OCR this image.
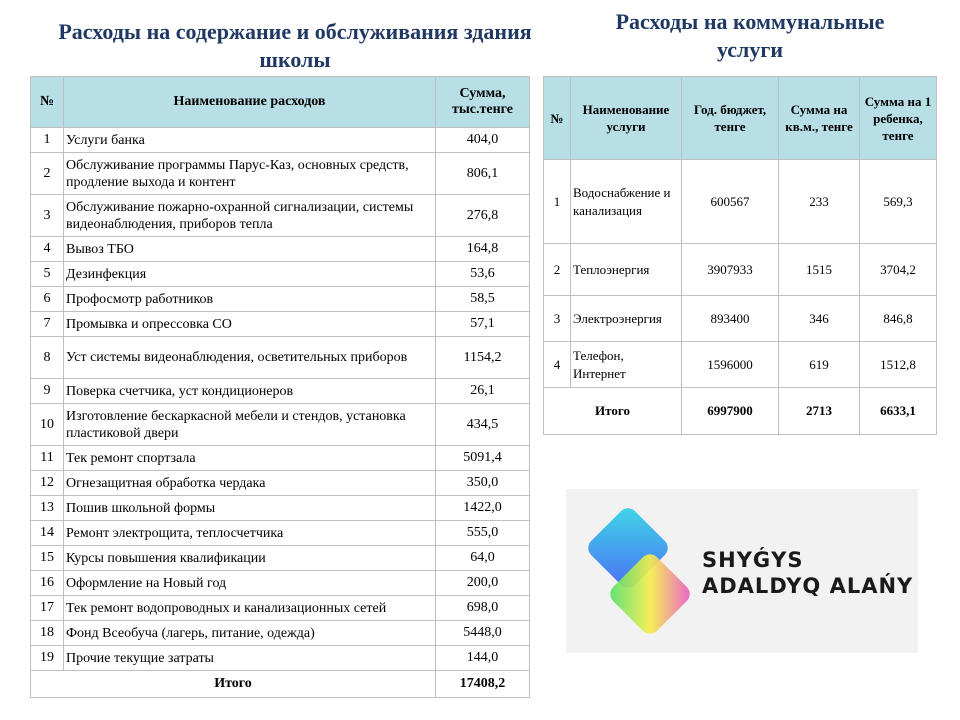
Расходы на содержание и обслуживания здания школы
Расходы на коммунальные услуги
№	Наименование расходов	Сумма, тыс.тенге
1	Услуги банка	404,0
2	Обслуживание программы Парус-Каз, основных средств, продление выхода и контент	806,1
3	Обслуживание пожарно-охранной сигнализации, системы видеонаблюдения, приборов тепла	276,8
4	Вывоз ТБО	164,8
5	Дезинфекция	53,6
6	Профосмотр работников	58,5
7	Промывка и опрессовка СО	57,1
8	Уст системы видеонаблюдения, осветительных приборов	1154,2
9	Поверка счетчика, уст кондиционеров	26,1
10	Изготовление бескаркасной мебели и стендов, установка пластиковой двери	434,5
11	Тек ремонт спортзала	5091,4
12	Огнезащитная обработка чердака	350,0
13	Пошив школьной формы	1422,0
14	Ремонт электрощита, теплосчетчика	555,0
15	Курсы повышения квалификации	64,0
16	Оформление на Новый год	200,0
17	Тек ремонт водопроводных и канализационных сетей	698,0
18	Фонд Всеобуча (лагерь, питание, одежда)	5448,0
19	Прочие текущие затраты	144,0
Итого		17408,2
№	Наименование услуги	Год. бюджет, тенге	Сумма на кв.м., тенге	Сумма на 1 ребенка, тенге
1	Водоснабжение и канализация	600567	233	569,3
2	Теплоэнергия	3907933	1515	3704,2
3	Электроэнергия	893400	346	846,8
4	Телефон, Интернет	1596000	619	1512,8
Итого		6997900	2713	6633,1
SHYǴYS
ADALDYQ ALAŃY
